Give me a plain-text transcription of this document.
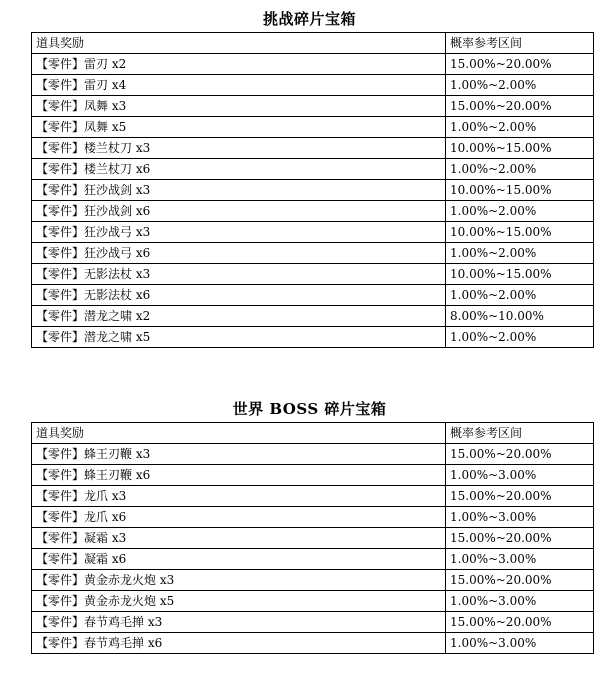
挑战碎片宝箱
道具奖励	概率参考区间
【零件】雷刃 x2	15.00%~20.00%
【零件】雷刃 x4	1.00%~2.00%
【零件】凤舞 x3	15.00%~20.00%
【零件】凤舞 x5	1.00%~2.00%
【零件】楼兰杖刀 x3	10.00%~15.00%
【零件】楼兰杖刀 x6	1.00%~2.00%
【零件】狂沙战剑 x3	10.00%~15.00%
【零件】狂沙战剑 x6	1.00%~2.00%
【零件】狂沙战弓 x3	10.00%~15.00%
【零件】狂沙战弓 x6	1.00%~2.00%
【零件】无影法杖 x3	10.00%~15.00%
【零件】无影法杖 x6	1.00%~2.00%
【零件】潜龙之啸 x2	8.00%~10.00%
【零件】潜龙之啸 x5	1.00%~2.00%
世界 BOSS 碎片宝箱
道具奖励	概率参考区间
【零件】蜂王刃鞭 x3	15.00%~20.00%
【零件】蜂王刃鞭 x6	1.00%~3.00%
【零件】龙爪 x3	15.00%~20.00%
【零件】龙爪 x6	1.00%~3.00%
【零件】凝霜 x3	15.00%~20.00%
【零件】凝霜 x6	1.00%~3.00%
【零件】黄金赤龙火炮 x3	15.00%~20.00%
【零件】黄金赤龙火炮 x5	1.00%~3.00%
【零件】春节鸡毛掸 x3	15.00%~20.00%
【零件】春节鸡毛掸 x6	1.00%~3.00%
